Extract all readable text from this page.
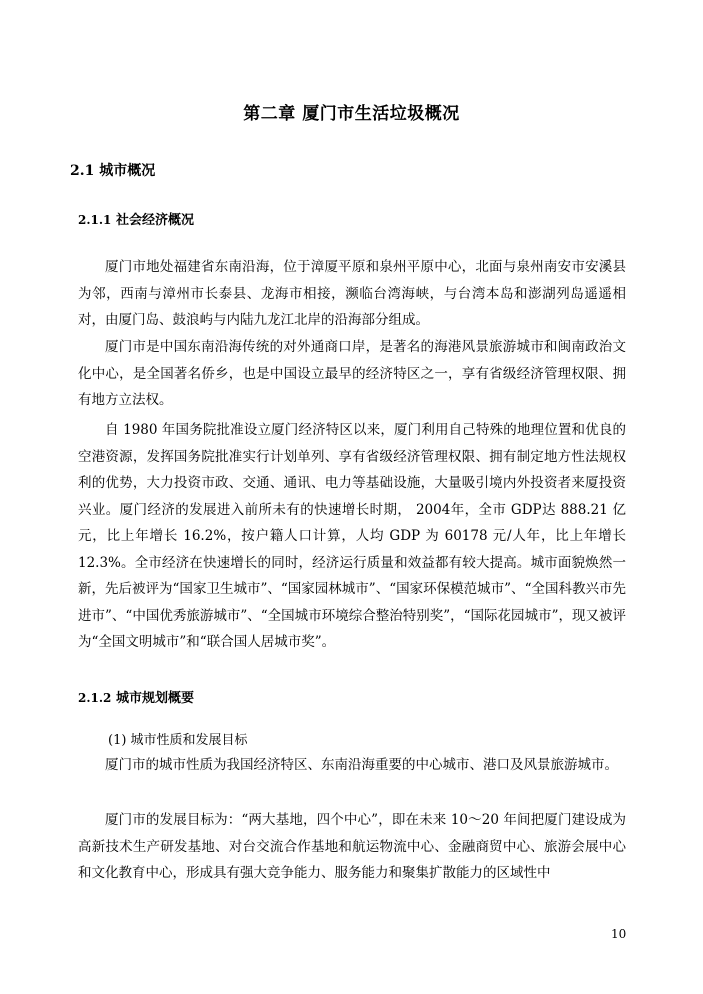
第二章 厦门市生活垃圾概况
2.1 城市概况
2.1.1 社会经济概况

厦门市地处福建省东南沿海，位于漳厦平原和泉州平原中心，北面与泉州南安市安溪县为邻，西南与漳州市长泰县、龙海市相接，濒临台湾海峡，与台湾本岛和澎湖列岛遥遥相对，由厦门岛、鼓浪屿与内陆九龙江北岸的沿海部分组成。

厦门市是中国东南沿海传统的对外通商口岸，是著名的海港风景旅游城市和闽南政治文化中心，是全国著名侨乡，也是中国设立最早的经济特区之一，享有省级经济管理权限、拥有地方立法权。

自 1980 年国务院批准设立厦门经济特区以来，厦门利用自己特殊的地理位置和优良的空港资源，发挥国务院批准实行计划单列、享有省级经济管理权限、拥有制定地方性法规权利的优势，大力投资市政、交通、通讯、电力等基础设施，大量吸引境内外投资者来厦投资兴业。厦门经济的发展进入前所未有的快速增长时期， 2004年，全市 GDP达 888.21 亿元，比上年增长 16.2%，按户籍人口计算，人均 GDP 为 60178 元/人年，比上年增长 12.3%。全市经济在快速增长的同时，经济运行质量和效益都有较大提高。城市面貌焕然一新，先后被评为“国家卫生城市”、“国家园林城市”、“国家环保模范城市”、“全国科教兴市先进市”、“中国优秀旅游城市”、“全国城市环境综合整治特别奖”，“国际花园城市”，现又被评为“全国文明城市”和“联合国人居城市奖”。

2.1.2 城市规划概要
(1) 城市性质和发展目标

厦门市的城市性质为我国经济特区、东南沿海重要的中心城市、港口及风景旅游城市。

厦门市的发展目标为：“两大基地，四个中心”，即在未来 10～20 年间把厦门建设成为高新技术生产研发基地、对台交流合作基地和航运物流中心、金融商贸中心、旅游会展中心和文化教育中心，形成具有强大竞争能力、服务能力和聚集扩散能力的区域性中

10
